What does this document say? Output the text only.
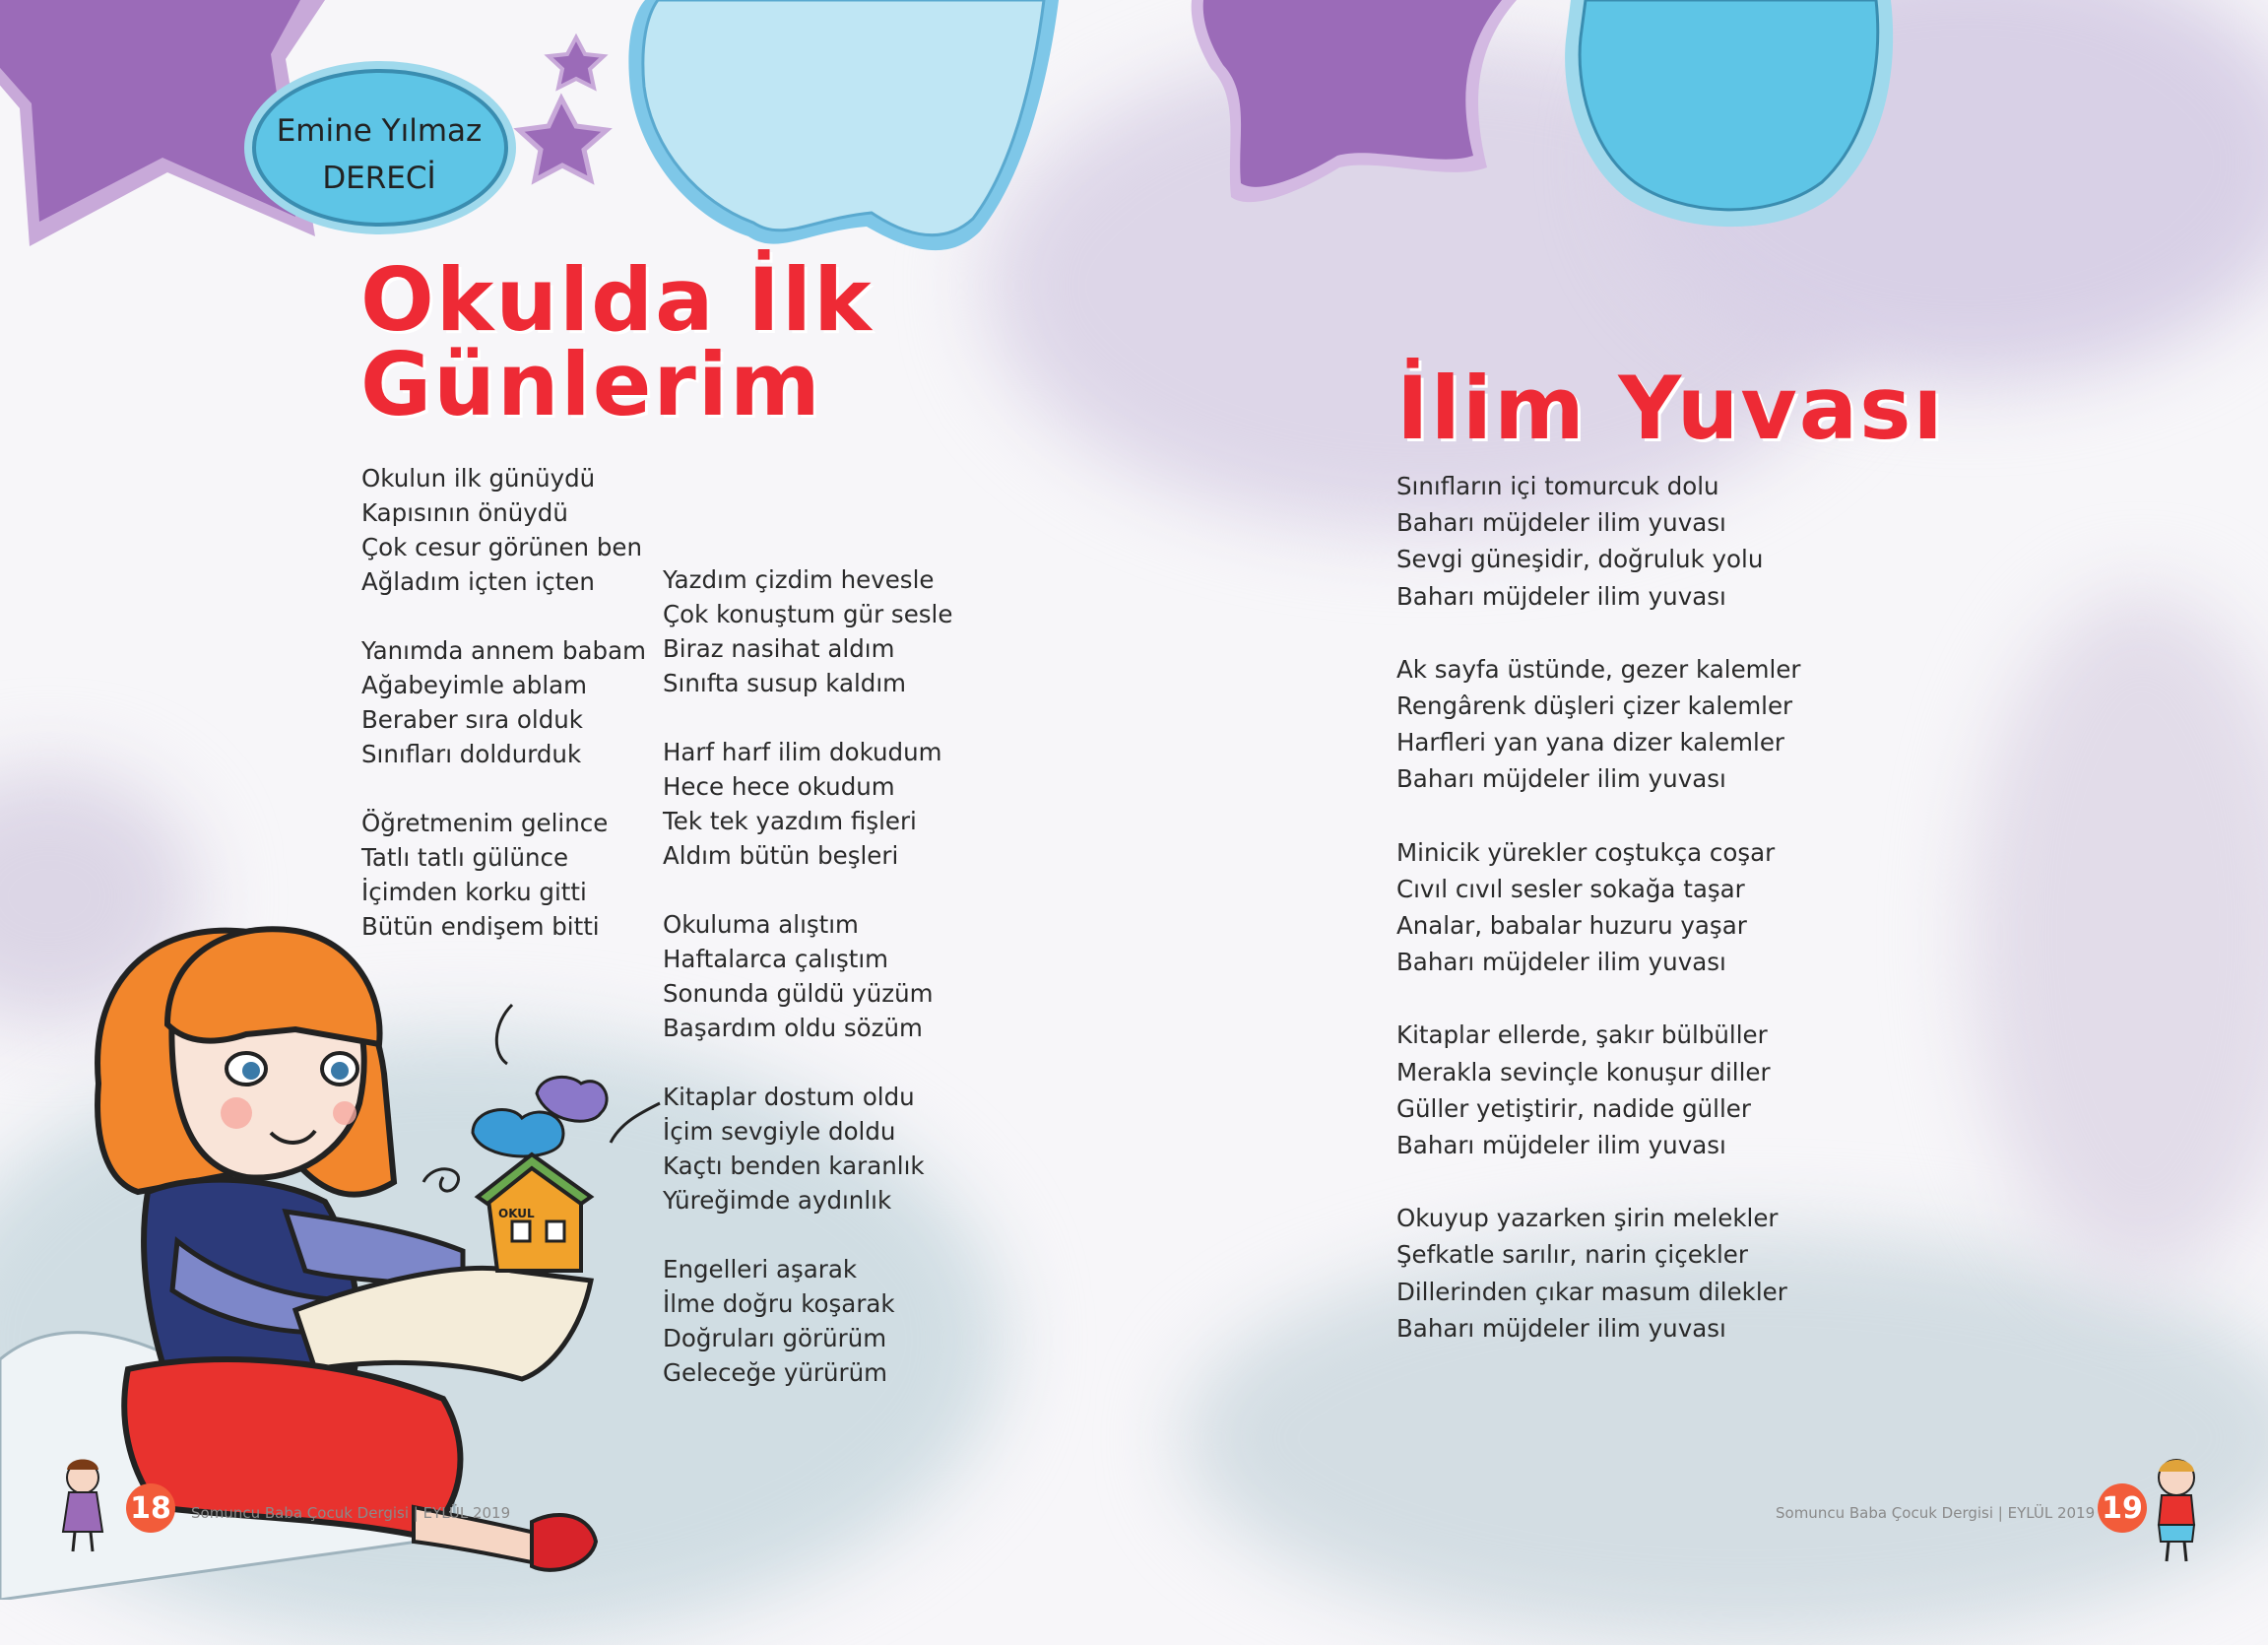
OKUL
Emine Yılmaz
DERECİ
Okulda İlk
Günlerim	İlim Yuvası
Okulun ilk günüydü
Kapısının önüydü
Çok cesur görünen ben
Ağladım içten içten
Yanımda annem babam
Ağabeyimle ablam
Beraber sıra olduk
Sınıfları doldurduk
Öğretmenim gelince
Tatlı tatlı gülünce
İçimden korku gitti
Bütün endişem bitti
Yazdım çizdim hevesle
Çok konuştum gür sesle
Biraz nasihat aldım
Sınıfta susup kaldım
Harf harf ilim dokudum
Hece hece okudum
Tek tek yazdım fişleri
Aldım bütün beşleri
Okuluma alıştım
Haftalarca çalıştım
Sonunda güldü yüzüm
Başardım oldu sözüm
Kitaplar dostum oldu
İçim sevgiyle doldu
Kaçtı benden karanlık
Yüreğimde aydınlık
Engelleri aşarak
İlme doğru koşarak
Doğruları görürüm
Geleceğe yürürüm
Sınıfların içi tomurcuk dolu
Baharı müjdeler ilim yuvası
Sevgi güneşidir, doğruluk yolu
Baharı müjdeler ilim yuvası
Ak sayfa üstünde, gezer kalemler
Rengârenk düşleri çizer kalemler
Harfleri yan yana dizer kalemler
Baharı müjdeler ilim yuvası
Minicik yürekler coştukça coşar
Cıvıl cıvıl sesler sokağa taşar
Analar, babalar huzuru yaşar
Baharı müjdeler ilim yuvası
Kitaplar ellerde, şakır bülbüller
Merakla sevinçle konuşur diller
Güller yetiştirir, nadide güller
Baharı müjdeler ilim yuvası
Okuyup yazarken şirin melekler
Şefkatle sarılır, narin çiçekler
Dillerinden çıkar masum dilekler
Baharı müjdeler ilim yuvası
18 Somuncu Baba Çocuk Dergisi | EYLÜL 2019	Somuncu Baba Çocuk Dergisi | EYLÜL 2019 19
